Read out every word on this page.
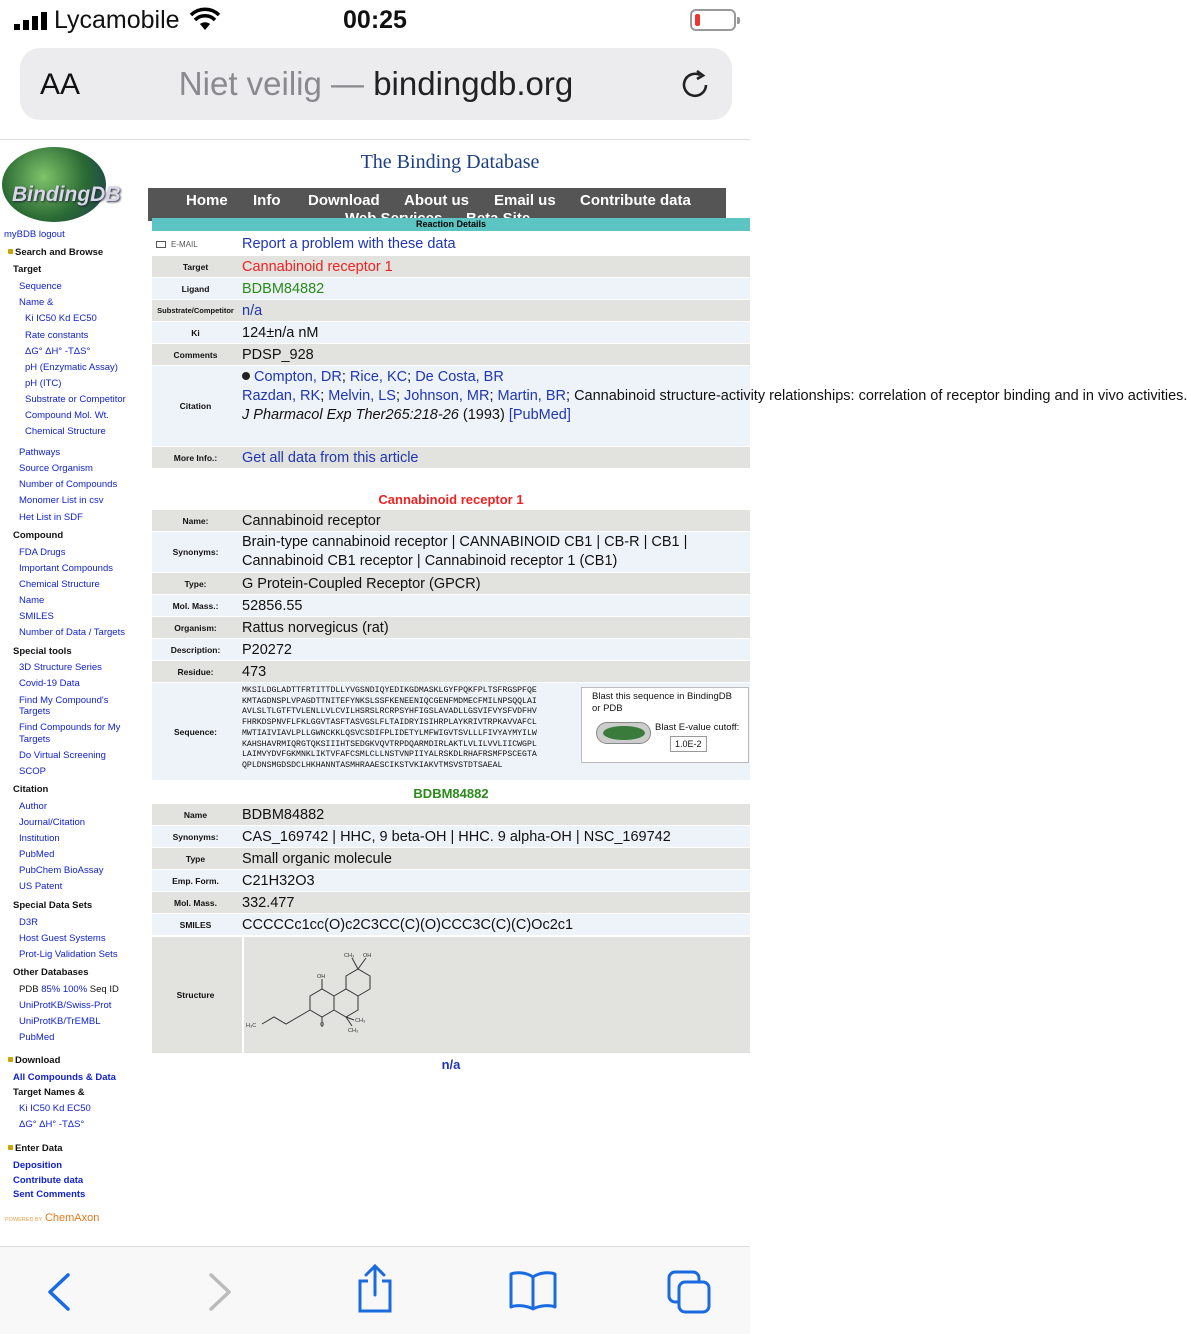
Lycamobile	00:25
AA	Niet veilig — bindingdb.org
BindingDB
myBDB logout
Search and Browse
Target
Sequence
Name &
Ki IC50 Kd EC50
Rate constants
ΔG° ΔH° -TΔS°
pH (Enzymatic Assay)
pH (ITC)
Substrate or Competitor
Compound Mol. Wt.
Chemical Structure
Pathways
Source Organism
Number of Compounds
Monomer List in csv
Het List in SDF
Compound
FDA Drugs
Important Compounds
Chemical Structure
Name
SMILES
Number of Data / Targets
Special tools
3D Structure Series
Covid-19 Data
Find My Compound's
Targets
Find Compounds for My
Targets
Do Virtual Screening
SCOP
Citation
Author
Journal/Citation
Institution
PubMed
PubChem BioAssay
US Patent
Special Data Sets
D3R
Host Guest Systems
Prot-Lig Validation Sets
Other Databases
UniProtKB/Swiss-Prot
UniProtKB/TrEMBL
PubMed
Download
All Compounds & Data
Target Names &
Ki IC50 Kd EC50
ΔG° ΔH° -TΔS°
Enter Data
Deposition
Contribute data
Sent Comments
PDB 85% 100% Seq ID
POWERED BY ChemAxon
The Binding Database
Home Info Download About us Email us Contribute data
Reaction Details
E-MAIL	Report a problem with these data
Target	Cannabinoid receptor 1
Ligand	BDBM84882
Substrate/Competitor n/a
Ki	124±n/a nM
Comments	PDSP_928
Citation
Compton, DR; Rice, KC; De Costa, BR
Razdan, RK; Melvin, LS; Johnson, MR; Martin, BR; Cannabinoid structure-activity relationships: correlation of receptor binding and in vivo activities.
J Pharmacol Exp Ther265:218-26 (1993) [PubMed]
More Info.:	Get all data from this article
Cannabinoid receptor 1
Name:	Cannabinoid receptor
Synonyms:
Brain-type cannabinoid receptor | CANNABINOID CB1 | CB-R | CB1 | Cannabinoid CB1 receptor | Cannabinoid receptor 1 (CB1)
Type:	G Protein-Coupled Receptor (GPCR)
Mol. Mass.:	52856.55
Organism:	Rattus norvegicus (rat)
Description:	P20272
Residue:	473
Sequence:
MKSILDGLADTTFRTITTDLLYVGSNDIQYEDIKGDMASKLGYFPQKFPLTSFRGSPFQE
KMTAGDNSPLVPAGDTTNITEFYNKSLSSFKENEENIQCGENFMDMECFMILNPSQQLAI
AVLSLTLGTFTVLENLLVLCVILHSRSLRCRPSYHFIGSLAVADLLGSVIFVYSFVDFHV
FHRKDSPNVFLFKLGGVTASFTASVGSLFLTAIDRYISIHRPLAYKRIVTRPKAVVAFCL
MWTIAIVIAVLPLLGWNCKKLQSVCSDIFPLIDETYLMFWIGVTSVLLLFIVYAYMYILW
KAHSHAVRMIQRGTQKSIIIHTSEDGKVQVTRPDQARMDIRLAKTLVLILVVLIICWGPL
LAIMVYDVFGKMNKLIKTVFAFCSMLCLLNSTVNPIIYALRSKDLRHAFRSMFPSCEGTA
QPLDNSMGDSDCLHKHANNTASMHRAAESCIKSTVKIAKVTMSVSTDTSAEAL
Blast this sequence in BindingDB or PDB
Blast E-value cutoff:
1.0E-2
BDBM84882
Name	BDBM84882
Synonyms:	CAS_169742 | HHC, 9 beta-OH | HHC. 9 alpha-OH | NSC_169742
Type	Small organic molecule
Emp. Form.	C21H32O3
Mol. Mass.	332.477
SMILES	CCCCCc1cc(O)c2C3CC(C)(O)CCC3C(C)(C)Oc2c1
Structure
OH
OH
CH₃
CH₃
CH₃
H₃C	O
n/a
